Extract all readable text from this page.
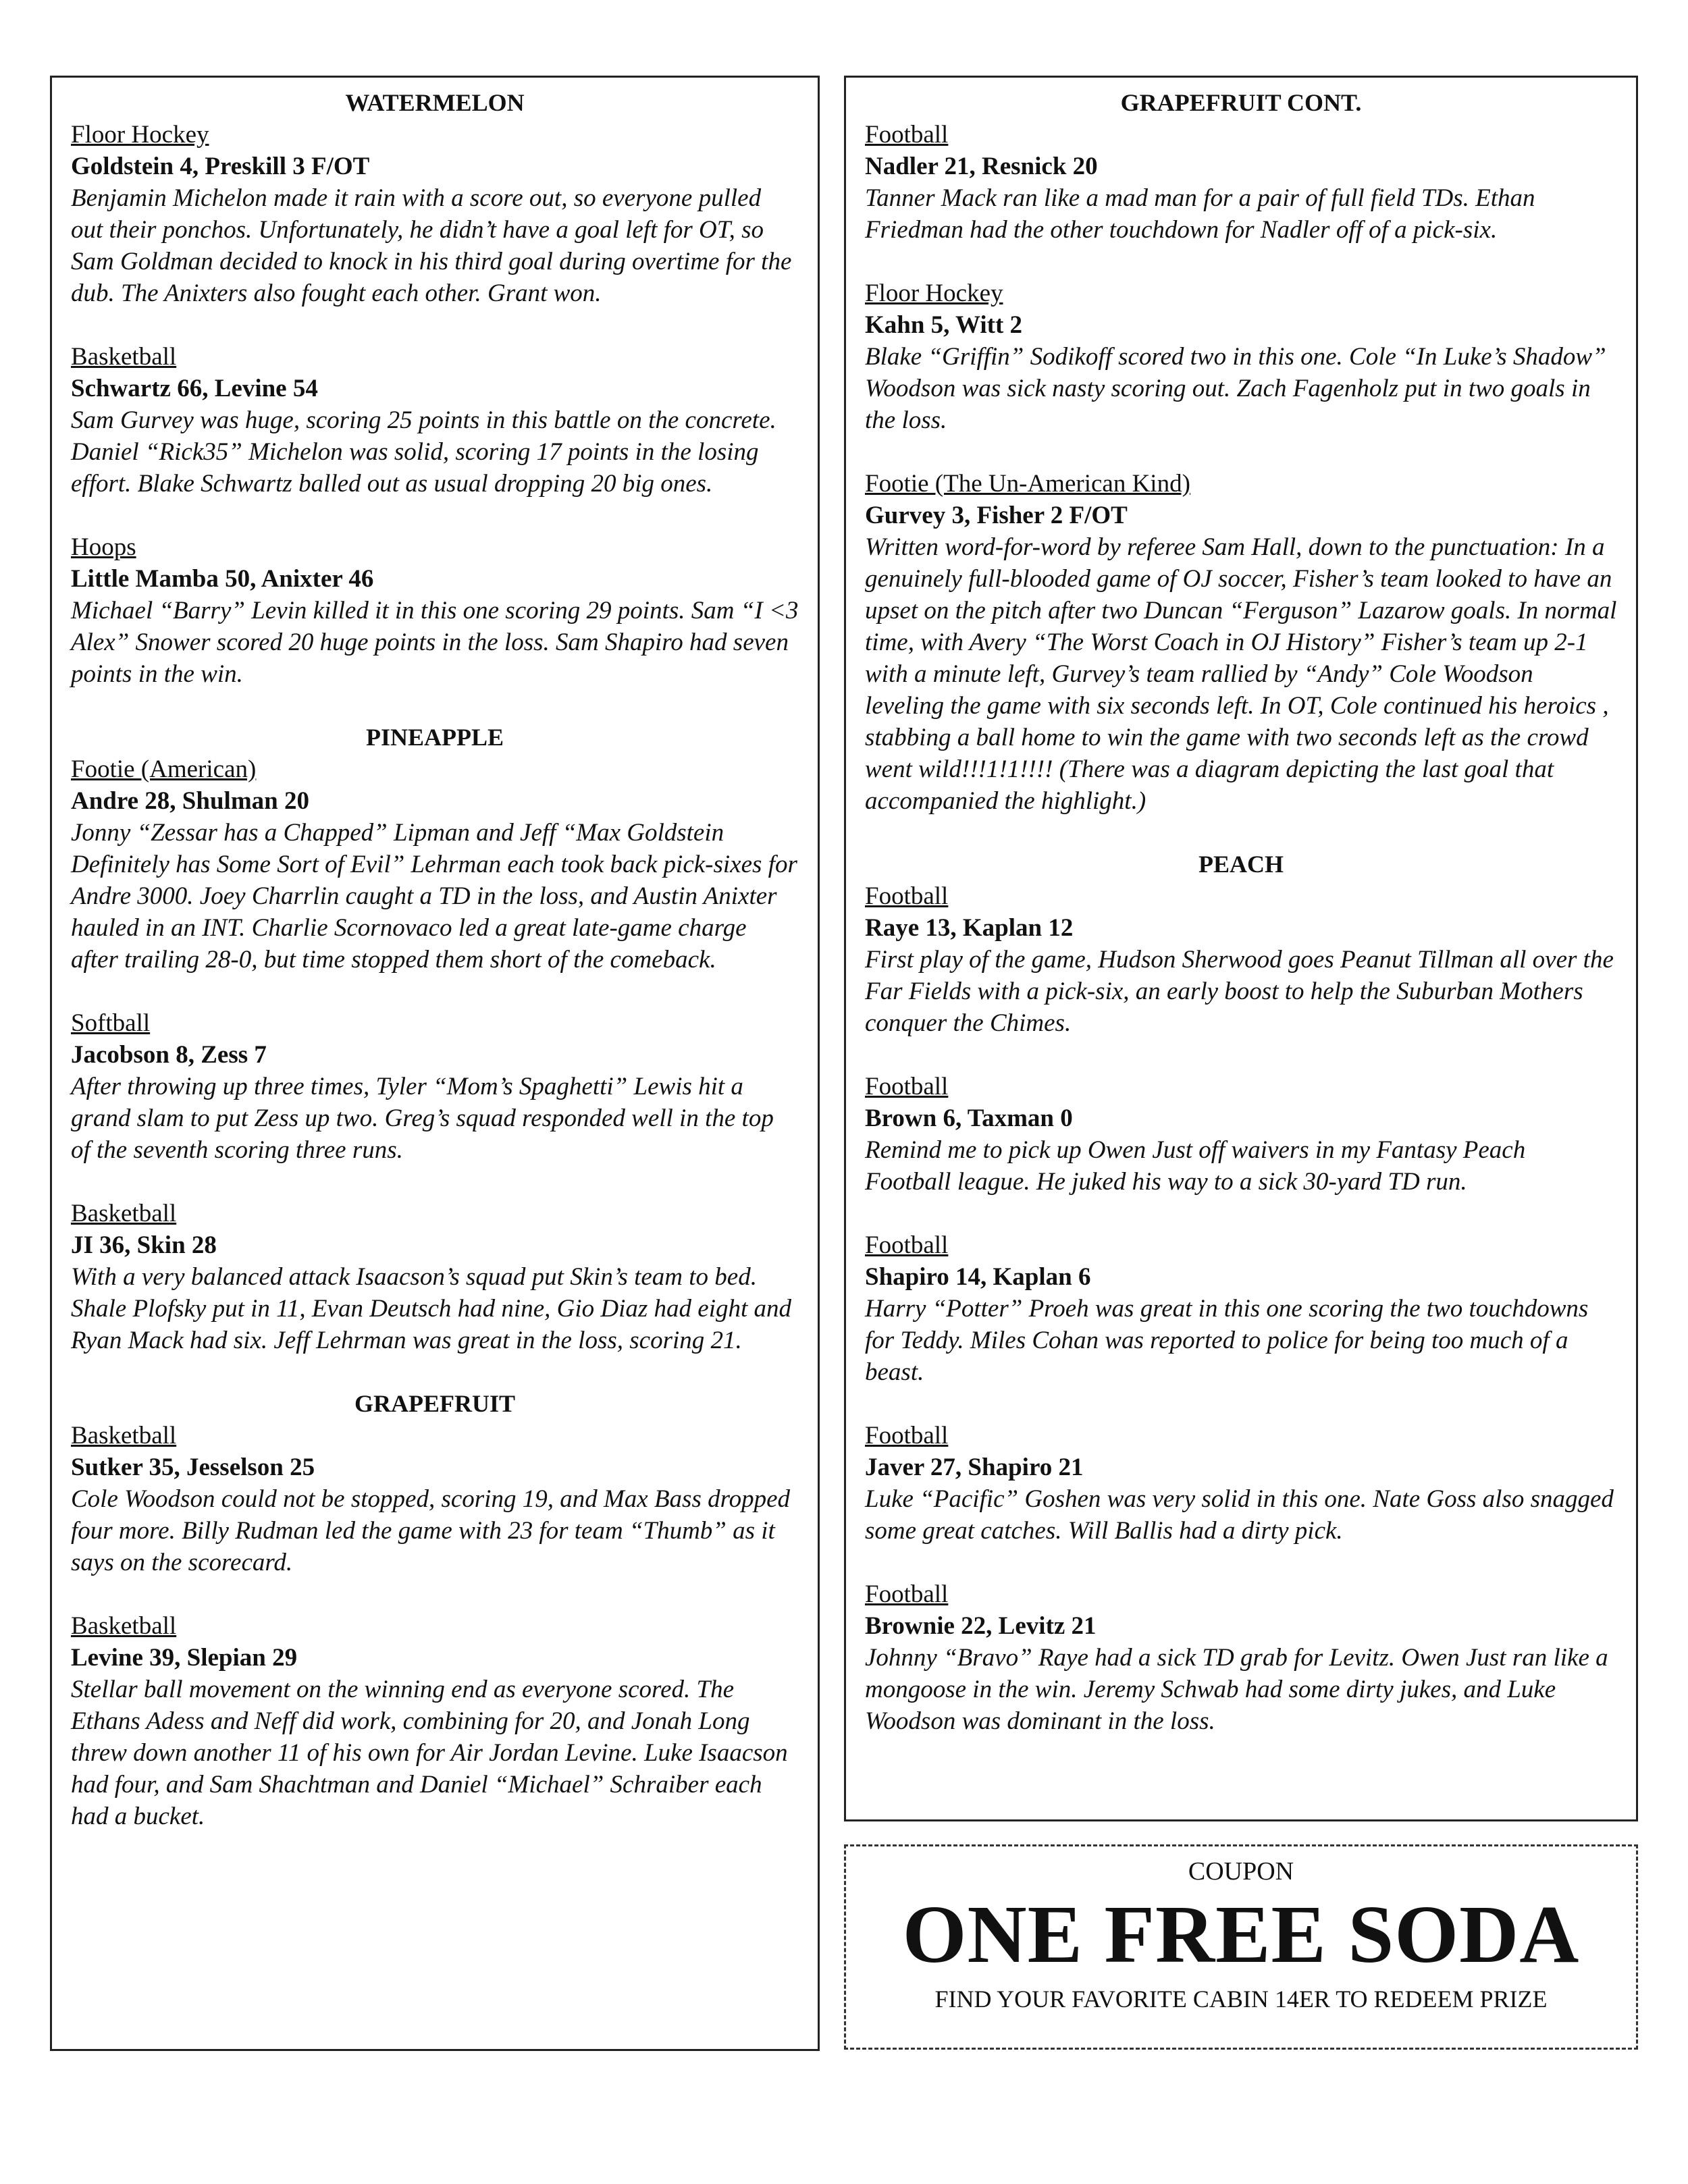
WATERMELON
Floor Hockey
Goldstein 4, Preskill 3 F/OT
Benjamin Michelon made it rain with a score out, so everyone pulled out their ponchos. Unfortunately, he didn’t have a goal left for OT, so Sam Goldman decided to knock in his third goal during overtime for the dub. The Anixters also fought each other. Grant won.
Basketball
Schwartz 66, Levine 54
Sam Gurvey was huge, scoring 25 points in this battle on the concrete. Daniel “Rick35” Michelon was solid, scoring 17 points in the losing effort. Blake Schwartz balled out as usual dropping 20 big ones.
Hoops
Little Mamba 50, Anixter 46
Michael “Barry” Levin killed it in this one scoring 29 points. Sam “I <3 Alex” Snower scored 20 huge points in the loss. Sam Shapiro had seven points in the win.
PINEAPPLE
Footie (American)
Andre 28, Shulman 20
Jonny “Zessar has a Chapped” Lipman and Jeff “Max Goldstein Definitely has Some Sort of Evil” Lehrman each took back pick-sixes for Andre 3000. Joey Charrlin caught a TD in the loss, and Austin Anixter hauled in an INT. Charlie Scornovaco led a great late-game charge after trailing 28-0, but time stopped them short of the comeback.
Softball
Jacobson 8, Zess 7
After throwing up three times, Tyler “Mom’s Spaghetti” Lewis hit a grand slam to put Zess up two. Greg’s squad responded well in the top of the seventh scoring three runs.
Basketball
JI 36, Skin 28
With a very balanced attack Isaacson’s squad put Skin’s team to bed. Shale Plofsky put in 11, Evan Deutsch had nine, Gio Diaz had eight and Ryan Mack had six. Jeff Lehrman was great in the loss, scoring 21.
GRAPEFRUIT
Basketball
Sutker 35, Jesselson 25
Cole Woodson could not be stopped, scoring 19, and Max Bass dropped four more. Billy Rudman led the game with 23 for team “Thumb” as it says on the scorecard.
Basketball
Levine 39, Slepian 29
Stellar ball movement on the winning end as everyone scored. The Ethans Adess and Neff did work, combining for 20, and Jonah Long threw down another 11 of his own for Air Jordan Levine. Luke Isaacson had four, and Sam Shachtman and Daniel “Michael” Schraiber each had a bucket.
GRAPEFRUIT CONT.
Football
Nadler 21, Resnick 20
Tanner Mack ran like a mad man for a pair of full field TDs. Ethan Friedman had the other touchdown for Nadler off of a pick-six.
Floor Hockey
Kahn 5, Witt 2
Blake “Griffin” Sodikoff scored two in this one. Cole “In Luke’s Shadow” Woodson was sick nasty scoring out. Zach Fagenholz put in two goals in the loss.
Footie (The Un-American Kind)
Gurvey 3, Fisher 2 F/OT
Written word-for-word by referee Sam Hall, down to the punctuation: In a genuinely full-blooded game of OJ soccer, Fisher’s team looked to have an upset on the pitch after two Duncan “Ferguson” Lazarow goals. In normal time, with Avery “The Worst Coach in OJ History” Fisher’s team up 2-1 with a minute left, Gurvey’s team rallied by “Andy” Cole Woodson leveling the game with six seconds left. In OT, Cole continued his heroics , stabbing a ball home to win the game with two seconds left as the crowd went wild!!!1!1!!!! (There was a diagram depicting the last goal that accompanied the highlight.)
PEACH
Football
Raye 13, Kaplan 12
First play of the game, Hudson Sherwood goes Peanut Tillman all over the Far Fields with a pick-six, an early boost to help the Suburban Mothers conquer the Chimes.
Football
Brown 6, Taxman 0
Remind me to pick up Owen Just off waivers in my Fantasy Peach Football league. He juked his way to a sick 30-yard TD run.
Football
Shapiro 14, Kaplan 6
Harry “Potter” Proeh was great in this one scoring the two touchdowns for Teddy. Miles Cohan was reported to police for being too much of a beast.
Football
Javer 27, Shapiro 21
Luke “Pacific” Goshen was very solid in this one. Nate Goss also snagged some great catches. Will Ballis had a dirty pick.
Football
Brownie 22, Levitz 21
Johnny “Bravo” Raye had a sick TD grab for Levitz. Owen Just ran like a mongoose in the win. Jeremy Schwab had some dirty jukes, and Luke Woodson was dominant in the loss.
COUPON
ONE FREE SODA
FIND YOUR FAVORITE CABIN 14ER TO REDEEM PRIZE
